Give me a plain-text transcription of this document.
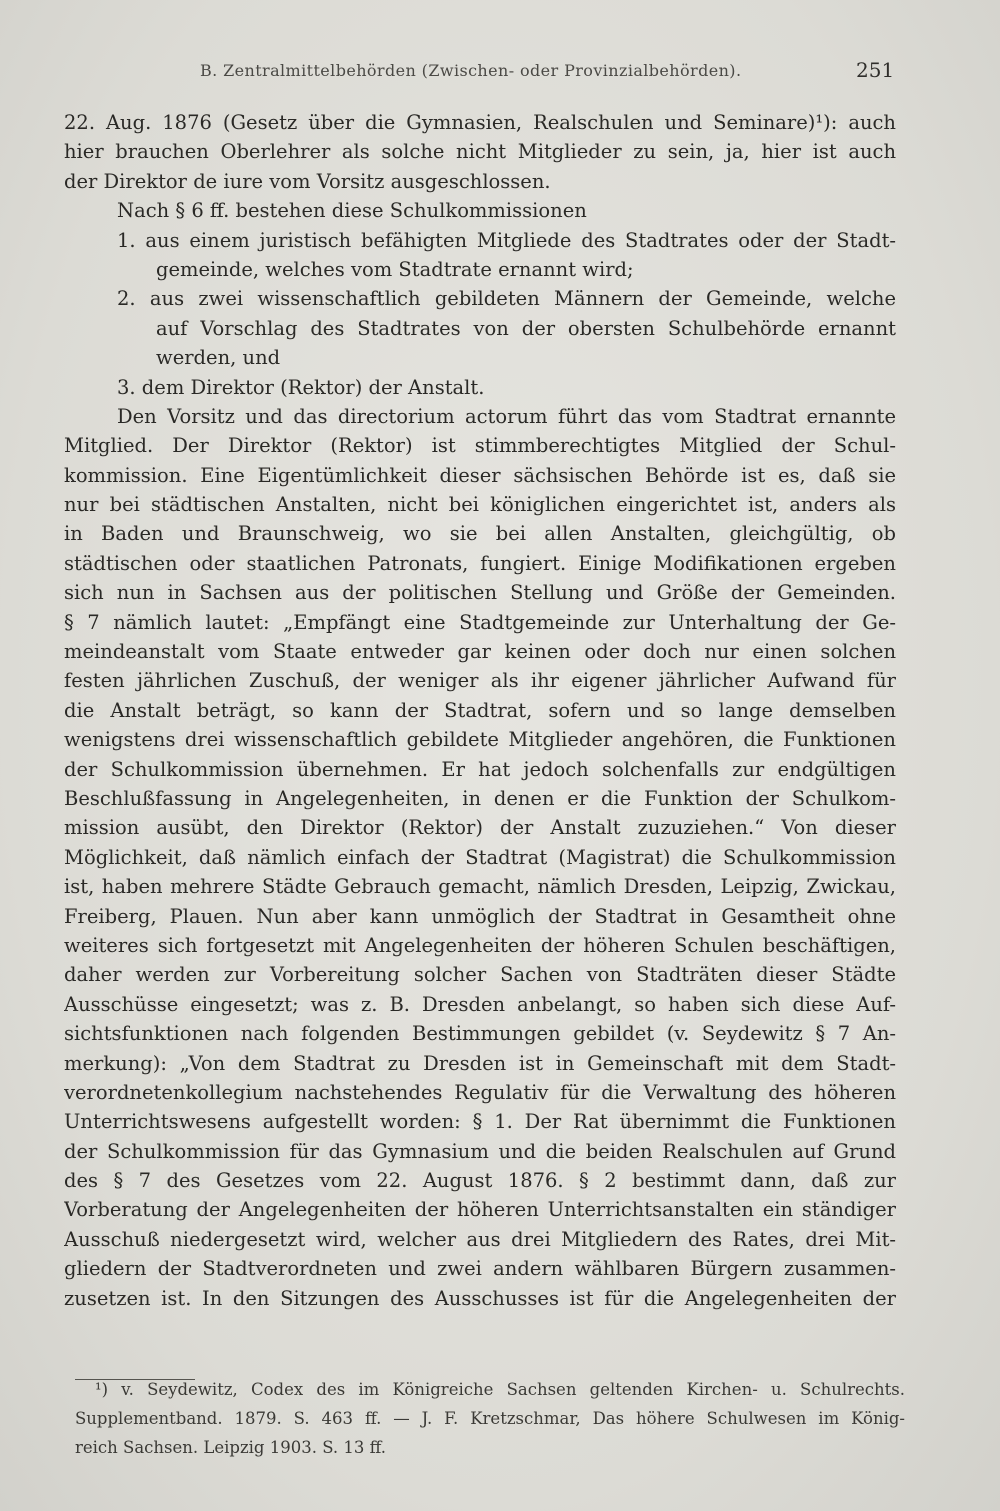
B. Zentralmittelbehörden (Zwischen- oder Provinzialbehörden).	251
22. Aug. 1876 (Gesetz über die Gymnasien, Realschulen und Seminare)¹): auch
hier brauchen Oberlehrer als solche nicht Mitglieder zu sein, ja, hier ist auch
der Direktor de iure vom Vorsitz ausgeschlossen.
Nach § 6 ff. bestehen diese Schulkommissionen
1. aus einem juristisch befähigten Mitgliede des Stadtrates oder der Stadt-
gemeinde, welches vom Stadtrate ernannt wird;
2. aus zwei wissenschaftlich gebildeten Männern der Gemeinde, welche
auf Vorschlag des Stadtrates von der obersten Schulbehörde ernannt
werden, und
3. dem Direktor (Rektor) der Anstalt.
Den Vorsitz und das directorium actorum führt das vom Stadtrat ernannte
Mitglied. Der Direktor (Rektor) ist stimmberechtigtes Mitglied der Schul-
kommission. Eine Eigentümlichkeit dieser sächsischen Behörde ist es, daß sie
nur bei städtischen Anstalten, nicht bei königlichen eingerichtet ist, anders als
in Baden und Braunschweig, wo sie bei allen Anstalten, gleichgültig, ob
städtischen oder staatlichen Patronats, fungiert. Einige Modifikationen ergeben
sich nun in Sachsen aus der politischen Stellung und Größe der Gemeinden.
§ 7 nämlich lautet: „Empfängt eine Stadtgemeinde zur Unterhaltung der Ge-
meindeanstalt vom Staate entweder gar keinen oder doch nur einen solchen
festen jährlichen Zuschuß, der weniger als ihr eigener jährlicher Aufwand für
die Anstalt beträgt, so kann der Stadtrat, sofern und so lange demselben
wenigstens drei wissenschaftlich gebildete Mitglieder angehören, die Funktionen
der Schulkommission übernehmen. Er hat jedoch solchenfalls zur endgültigen
Beschlußfassung in Angelegenheiten, in denen er die Funktion der Schulkom-
mission ausübt, den Direktor (Rektor) der Anstalt zuzuziehen.“ Von dieser
Möglichkeit, daß nämlich einfach der Stadtrat (Magistrat) die Schulkommission
ist, haben mehrere Städte Gebrauch gemacht, nämlich Dresden, Leipzig, Zwickau,
Freiberg, Plauen. Nun aber kann unmöglich der Stadtrat in Gesamtheit ohne
weiteres sich fortgesetzt mit Angelegenheiten der höheren Schulen beschäftigen,
daher werden zur Vorbereitung solcher Sachen von Stadträten dieser Städte
Ausschüsse eingesetzt; was z. B. Dresden anbelangt, so haben sich diese Auf-
sichtsfunktionen nach folgenden Bestimmungen gebildet (v. Seydewitz § 7 An-
merkung): „Von dem Stadtrat zu Dresden ist in Gemeinschaft mit dem Stadt-
verordnetenkollegium nachstehendes Regulativ für die Verwaltung des höheren
Unterrichtswesens aufgestellt worden: § 1. Der Rat übernimmt die Funktionen
der Schulkommission für das Gymnasium und die beiden Realschulen auf Grund
des § 7 des Gesetzes vom 22. August 1876. § 2 bestimmt dann, daß zur
Vorberatung der Angelegenheiten der höheren Unterrichtsanstalten ein ständiger
Ausschuß niedergesetzt wird, welcher aus drei Mitgliedern des Rates, drei Mit-
gliedern der Stadtverordneten und zwei andern wählbaren Bürgern zusammen-
zusetzen ist. In den Sitzungen des Ausschusses ist für die Angelegenheiten der
¹) v. Seydewitz, Codex des im Königreiche Sachsen geltenden Kirchen- u. Schulrechts.
Supplementband. 1879. S. 463 ff. — J. F. Kretzschmar, Das höhere Schulwesen im König-
reich Sachsen. Leipzig 1903. S. 13 ff.
